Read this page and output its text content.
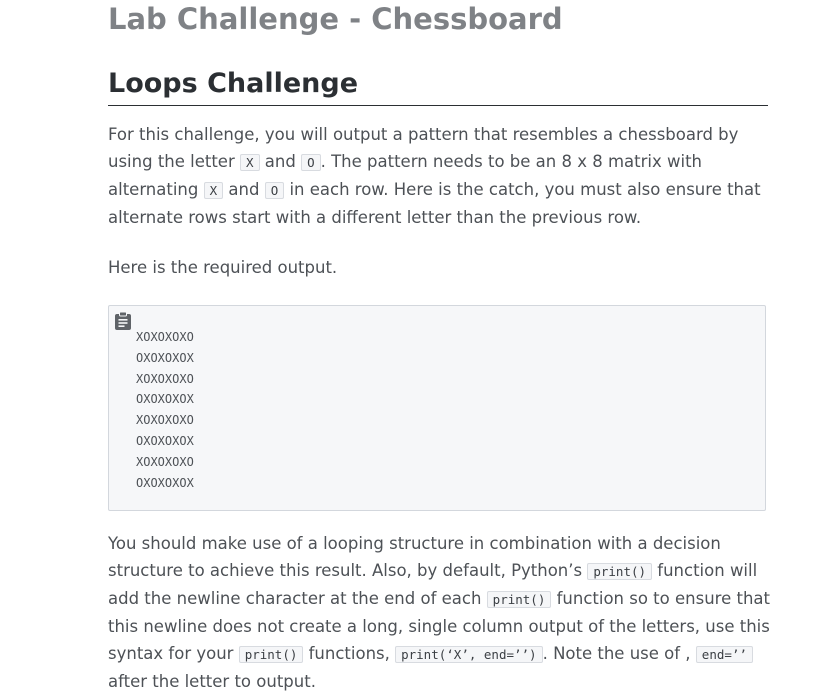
Lab Challenge - Chessboard
Loops Challenge

For this challenge, you will output a pattern that resembles a chessboard by using the letter X and O . The pattern needs to be an 8 x 8 matrix with alternating X and O in each row. Here is the catch, you must also ensure that alternate rows start with a different letter than the previous row.

Here is the required output.

XOXOXOXO
OXOXOXOX
XOXOXOXO
OXOXOXOX
XOXOXOXO
OXOXOXOX
XOXOXOXO
OXOXOXOX

You should make use of a looping structure in combination with a decision structure to achieve this result. Also, by default, Python’s print() function will add the newline character at the end of each print() function so to ensure that this newline does not create a long, single column output of the letters, use this syntax for your print() functions, print(‘X’, end=’’) . Note the use of , end=’’ after the letter to output.
